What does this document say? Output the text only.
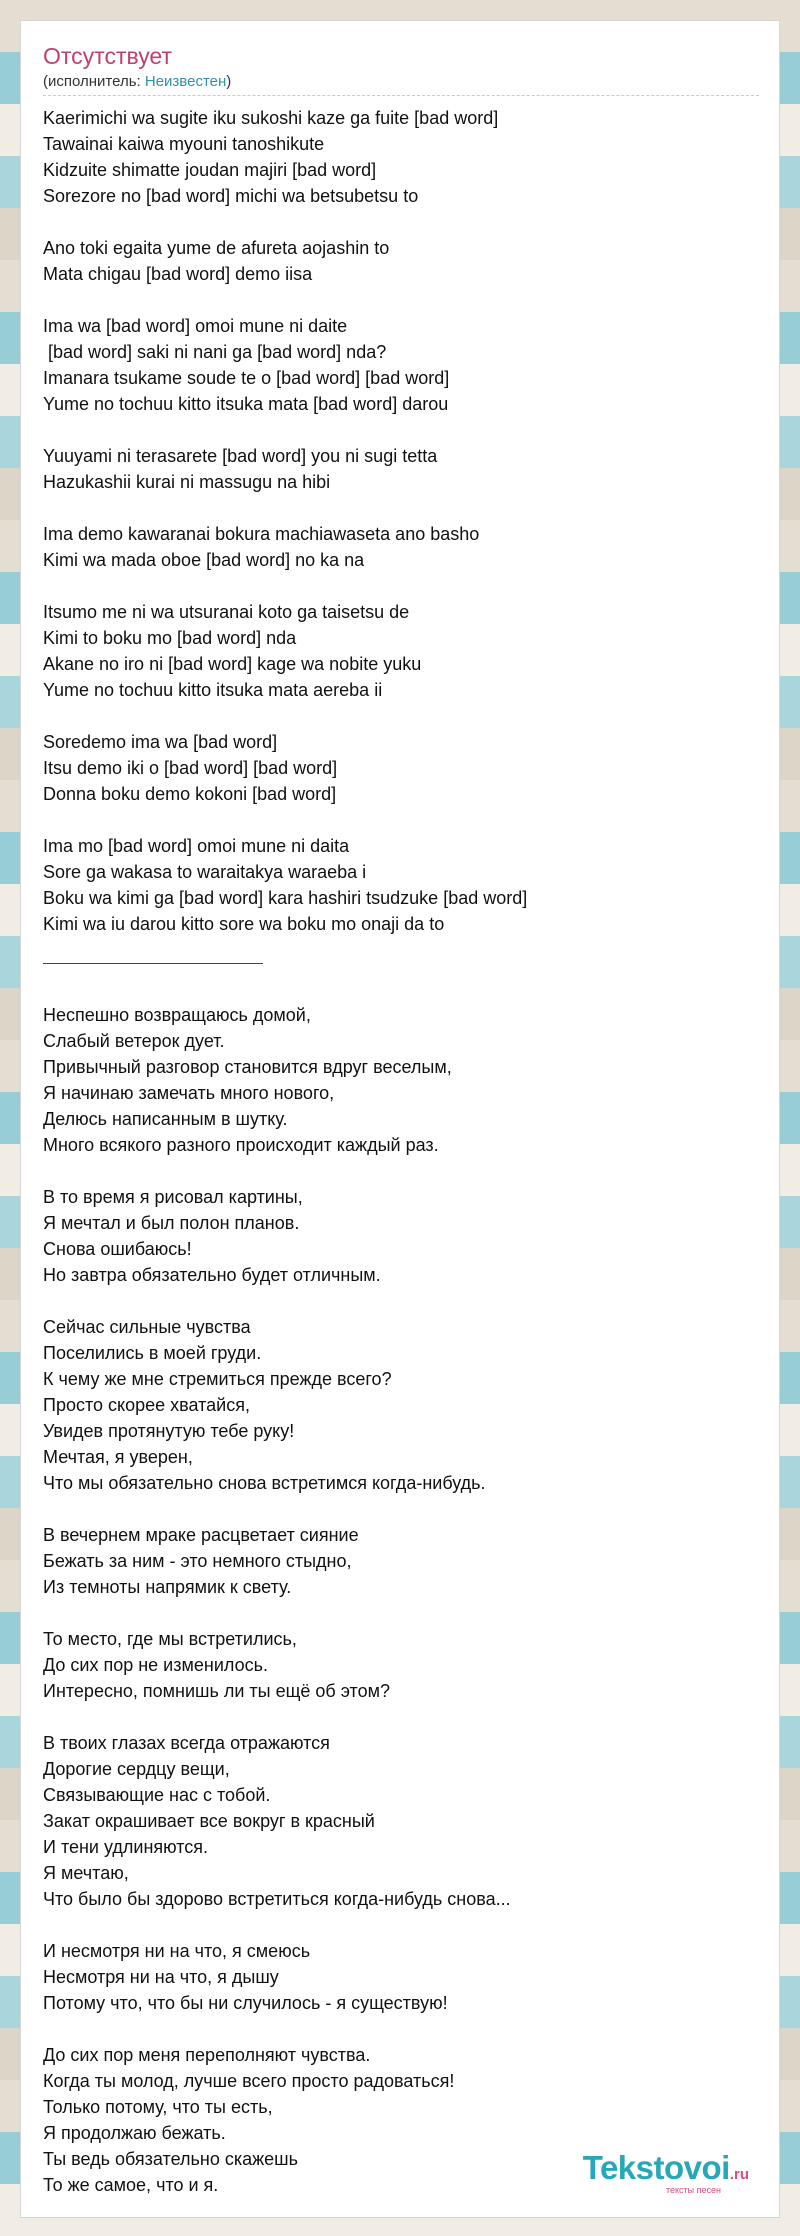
Отсутствует
(исполнитель: Неизвестен)
Kaerimichi wa sugite iku sukoshi kaze ga fuite [bad word]
Tawainai kaiwa myouni tanoshikute
Kidzuite shimatte joudan majiri [bad word]
Sorezore no [bad word] michi wa betsubetsu to
Ano toki egaita yume de afureta aojashin to
Mata chigau [bad word] demo iisa
Ima wa [bad word] omoi mune ni daite
[bad word] saki ni nani ga [bad word] nda?
Imanara tsukame soude te o [bad word] [bad word]
Yume no tochuu kitto itsuka mata [bad word] darou
Yuuyami ni terasarete [bad word] you ni sugi tetta
Hazukashii kurai ni massugu na hibi
Ima demo kawaranai bokura machiawaseta ano basho
Kimi wa mada oboe [bad word] no ka na
Itsumo me ni wa utsuranai koto ga taisetsu de
Kimi to boku mo [bad word] nda
Akane no iro ni [bad word] kage wa nobite yuku
Yume no tochuu kitto itsuka mata aereba ii
Soredemo ima wa [bad word]
Itsu demo iki o [bad word] [bad word]
Donna boku demo kokoni [bad word]
Ima mo [bad word] omoi mune ni daita
Sore ga wakasa to waraitakya waraeba i
Boku wa kimi ga [bad word] kara hashiri tsudzuke [bad word]
Kimi wa iu darou kitto sore wa boku mo onaji da to
Неспешно возвращаюсь домой,
Слабый ветерок дует.
Привычный разговор становится вдруг веселым,
Я начинаю замечать много нового,
Делюсь написанным в шутку.
Много всякого разного происходит каждый раз.
В то время я рисовал картины,
Я мечтал и был полон планов.
Снова ошибаюсь!
Но завтра обязательно будет отличным.
Сейчас сильные чувства
Поселились в моей груди.
К чему же мне стремиться прежде всего?
Просто скорее хватайся,
Увидев протянутую тебе руку!
Мечтая, я уверен,
Что мы обязательно снова встретимся когда-нибудь.
В вечернем мраке расцветает сияние
Бежать за ним - это немного стыдно,
Из темноты напрямик к свету.
То место, где мы встретились,
До сих пор не изменилось.
Интересно, помнишь ли ты ещё об этом?
В твоих глазах всегда отражаются
Дорогие сердцу вещи,
Связывающие нас с тобой.
Закат окрашивает все вокруг в красный
И тени удлиняются.
Я мечтаю,
Что было бы здорово встретиться когда-нибудь снова...
И несмотря ни на что, я смеюсь
Несмотря ни на что, я дышу
Потому что, что бы ни случилось - я существую!
До сих пор меня переполняют чувства.
Когда ты молод, лучше всего просто радоваться!
Только потому, что ты есть,
Я продолжаю бежать.
Ты ведь обязательно скажешь
То же самое, что и я.	Tekstovoi.ru
тексты песен
